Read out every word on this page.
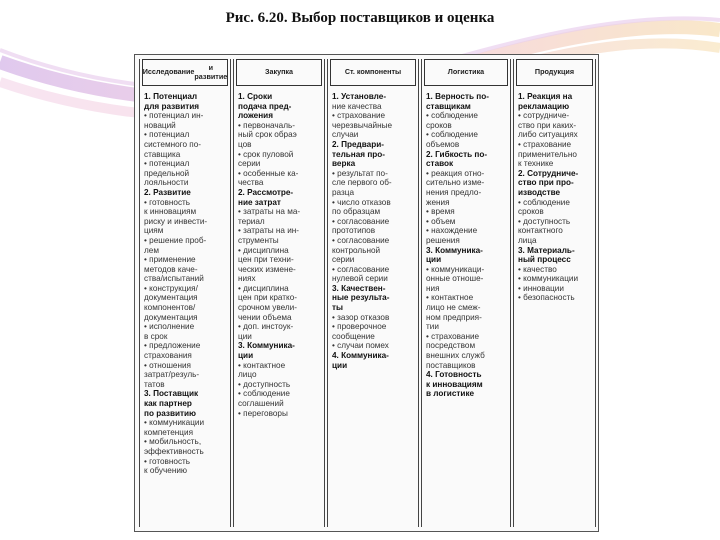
Рис. 6.20. Выбор поставщиков и оценка
Исследование	и развитие
1. Потенциал
для развития
• потенциал ин-
новаций
• потенциал
системного по-
ставщика
• потенциал
предельной
лояльности
2. Развитие
• готовность
к инновациям
риску и инвести-
циям
• решение проб-
лем
• применение
методов каче-
ства/испытаний
• конструкция/
документация
компонентов/
документация
• исполнение
в срок
• предложение
страхования
• отношения
затрат/резуль-
татов
3. Поставщик
как партнер
по развитию
• коммуникации
компетенция
• мобильность,
эффективность
• готовность
к обучению
Закупка
1. Сроки
подача пред-
ложения
• первоначаль-
ный срок обраэ
цов
• срок пуловой
серии
• особенные ка-
чества
2. Рассмотре-
ние затрат
• затраты на ма-
териал
• затраты на ин-
струменты
• дисциплина
цен при техни-
ческих измене-
ниях
• дисциплина
цен при кратко-
срочном увели-
чении объема
• доп. инстоук-
ции
3. Коммуника-
ции
• контактное
лицо
• доступность
• соблюдение
соглашений
• переговоры
Ст. компоненты
1. Установле-
ние качества
• страхование
черезвычайные
случаи
2. Предвари-
тельная про-
верка
• результат по-
сле первого об-
разца
• число отказов
по образцам
• согласование
прототипов
• согласование
контрольной
серии
• согласование
нулевой серии
3. Качествен-
ные результа-
ты
• зазор отказов
• проверочное
сообщение
• случаи помех
4. Коммуника-
ции
Логистика
1. Верность по-
ставщикам
• соблюдение
сроков
• соблюдение
объемов
2. Гибкость по-
ставок
• реакция отно-
сительно изме-
нения предло-
жения
• время
• объем
• нахождение
решения
3. Коммуника-
ции
• коммуникаци-
онные отноше-
ния
• контактное
лицо не смеж-
ном предприя-
тии
• страхование
посредством
внешних служб
поставщиков
4. Готовность
к инновациям
в логистике
Продукция
1. Реакция на
рекламацию
• сотрудниче-
ство при каких-
либо ситуациях
• страхование
применительно
к технике
2. Сотрудниче-
ство при про-
изводстве
• соблюдение
сроков
• доступность
контактного
лица
3. Материаль-
ный процесс
• качество
• коммуникации
• инновации
• безопасность
